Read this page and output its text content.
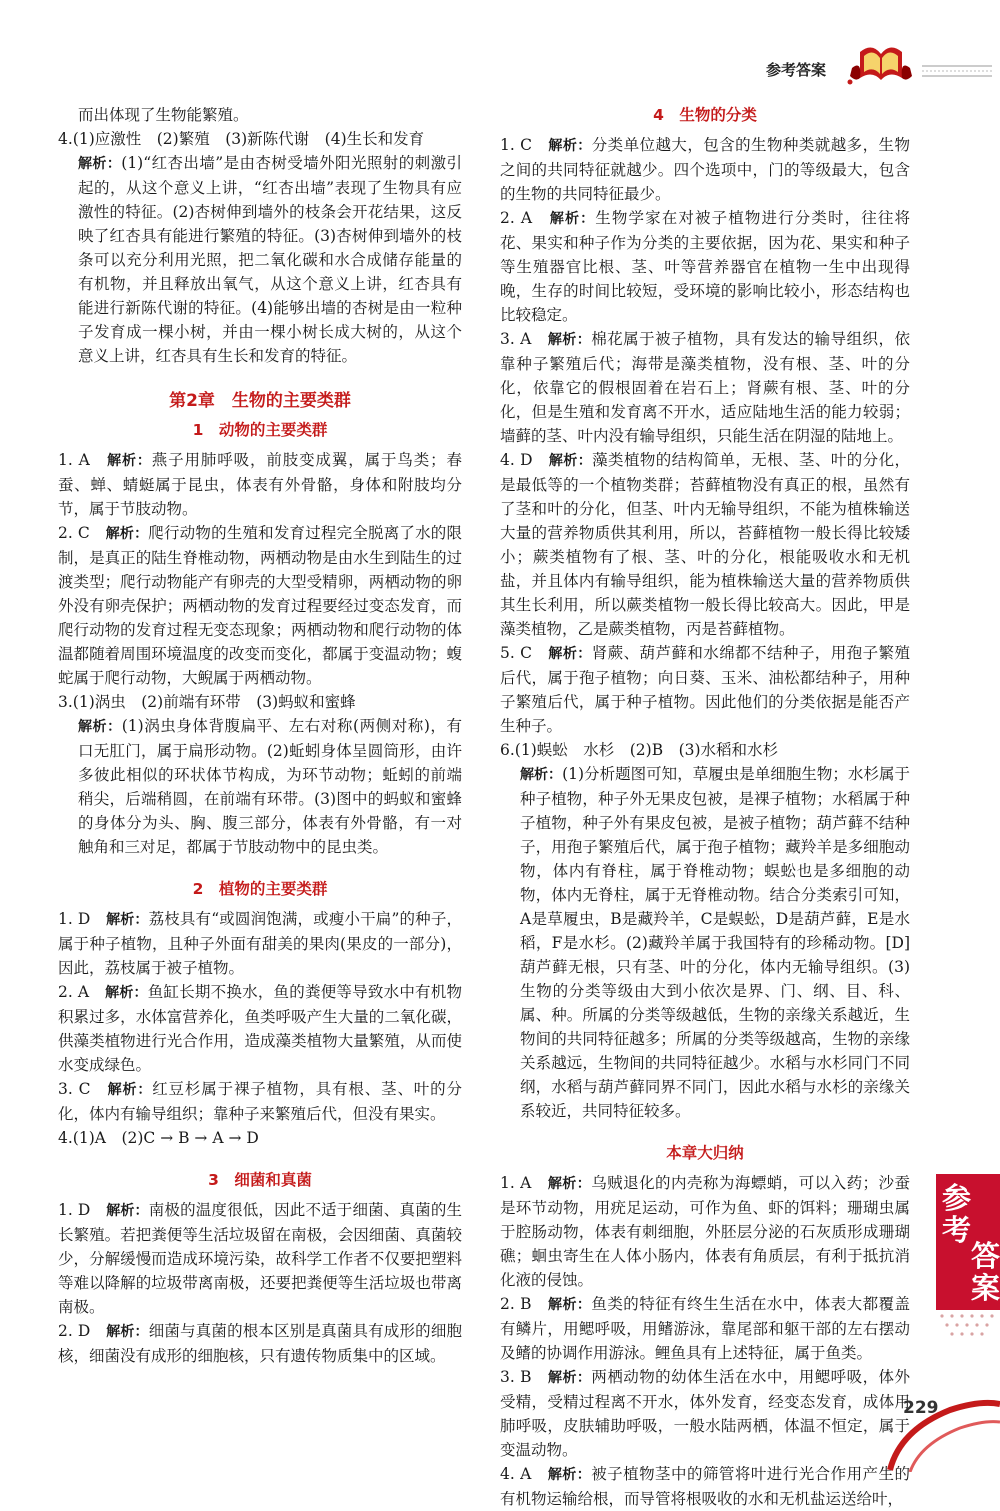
参考答案

而出体现了生物能繁殖。

4.(1)应激性　(2)繁殖　(3)新陈代谢　(4)生长和发育

解析：(1)“红杏出墙”是由杏树受墙外阳光照射的刺激引起的，从这个意义上讲，“红杏出墙”表现了生物具有应激性的特征。(2)杏树伸到墙外的枝条会开花结果，这反映了红杏具有能进行繁殖的特征。(3)杏树伸到墙外的枝条可以充分利用光照，把二氧化碳和水合成储存能量的有机物，并且释放出氧气，从这个意义上讲，红杏具有能进行新陈代谢的特征。(4)能够出墙的杏树是由一粒种子发育成一棵小树，并由一棵小树长成大树的，从这个意义上讲，红杏具有生长和发育的特征。

第2章　生物的主要类群
1　动物的主要类群

1. A　 解析：燕子用肺呼吸，前肢变成翼，属于鸟类；春蚕、蝉、蜻蜓属于昆虫，体表有外骨骼，身体和附肢均分节，属于节肢动物。

2. C　 解析：爬行动物的生殖和发育过程完全脱离了水的限制，是真正的陆生脊椎动物，两栖动物是由水生到陆生的过渡类型；爬行动物能产有卵壳的大型受精卵，两栖动物的卵外没有卵壳保护；两栖动物的发育过程要经过变态发育，而爬行动物的发育过程无变态现象；两栖动物和爬行动物的体温都随着周围环境温度的改变而变化，都属于变温动物；蝮蛇属于爬行动物，大鲵属于两栖动物。

3.(1)涡虫　(2)前端有环带　(3)蚂蚁和蜜蜂

解析：(1)涡虫身体背腹扁平、左右对称(两侧对称)，有口无肛门，属于扁形动物。(2)蚯蚓身体呈圆筒形，由许多彼此相似的环状体节构成，为环节动物；蚯蚓的前端稍尖，后端稍圆，在前端有环带。(3)图中的蚂蚁和蜜蜂的身体分为头、胸、腹三部分，体表有外骨骼，有一对触角和三对足，都属于节肢动物中的昆虫类。

2　植物的主要类群

1. D　 解析：荔枝具有“或圆润饱满，或瘦小干扁”的种子，属于种子植物，且种子外面有甜美的果肉(果皮的一部分)，因此，荔枝属于被子植物。

2. A　 解析：鱼缸长期不换水，鱼的粪便等导致水中有机物积累过多，水体富营养化，鱼类呼吸产生大量的二氧化碳，供藻类植物进行光合作用，造成藻类植物大量繁殖，从而使水变成绿色。

3. C　 解析：红豆杉属于裸子植物，具有根、茎、叶的分化，体内有输导组织；靠种子来繁殖后代，但没有果实。

4.(1)A　(2)C → B → A → D

3　细菌和真菌

1. D　 解析：南极的温度很低，因此不适于细菌、真菌的生长繁殖。若把粪便等生活垃圾留在南极，会因细菌、真菌较少，分解缓慢而造成环境污染，故科学工作者不仅要把塑料等难以降解的垃圾带离南极，还要把粪便等生活垃圾也带离南极。

2. D　 解析：细菌与真菌的根本区别是真菌具有成形的细胞核，细菌没有成形的细胞核，只有遗传物质集中的区域。

4　生物的分类

1. C　 解析：分类单位越大，包含的生物种类就越多，生物之间的共同特征就越少。四个选项中，门的等级最大，包含的生物的共同特征最少。

2. A　 解析：生物学家在对被子植物进行分类时，往往将花、果实和种子作为分类的主要依据，因为花、果实和种子等生殖器官比根、茎、叶等营养器官在植物一生中出现得晚，生存的时间比较短，受环境的影响比较小，形态结构也比较稳定。

3. A　 解析：棉花属于被子植物，具有发达的输导组织，依靠种子繁殖后代；海带是藻类植物，没有根、茎、叶的分化，依靠它的假根固着在岩石上；肾蕨有根、茎、叶的分化，但是生殖和发育离不开水，适应陆地生活的能力较弱；墙藓的茎、叶内没有输导组织，只能生活在阴湿的陆地上。

4. D　 解析：藻类植物的结构简单，无根、茎、叶的分化，是最低等的一个植物类群；苔藓植物没有真正的根，虽然有了茎和叶的分化，但茎、叶内无输导组织，不能为植株输送大量的营养物质供其利用，所以，苔藓植物一般长得比较矮小；蕨类植物有了根、茎、叶的分化，根能吸收水和无机盐，并且体内有输导组织，能为植株输送大量的营养物质供其生长利用，所以蕨类植物一般长得比较高大。因此，甲是藻类植物，乙是蕨类植物，丙是苔藓植物。

5. C　 解析：肾蕨、葫芦藓和水绵都不结种子，用孢子繁殖后代，属于孢子植物；向日葵、玉米、油松都结种子，用种子繁殖后代，属于种子植物。因此他们的分类依据是能否产生种子。

6.(1)蜈蚣　水杉　(2)B　(3)水稻和水杉

解析：(1)分析题图可知，草履虫是单细胞生物；水杉属于种子植物，种子外无果皮包被，是裸子植物；水稻属于种子植物，种子外有果皮包被，是被子植物；葫芦藓不结种子，用孢子繁殖后代，属于孢子植物；藏羚羊是多细胞动物，体内有脊柱，属于脊椎动物；蜈蚣也是多细胞的动物，体内无脊柱，属于无脊椎动物。结合分类索引可知，A是草履虫，B是藏羚羊，C是蜈蚣，D是葫芦藓，E是水稻，F是水杉。(2)藏羚羊属于我国特有的珍稀动物。[D]葫芦藓无根，只有茎、叶的分化，体内无输导组织。(3)生物的分类等级由大到小依次是界、门、纲、目、科、属、种。所属的分类等级越低，生物的亲缘关系越近，生物间的共同特征越多；所属的分类等级越高，生物的亲缘关系越远，生物间的共同特征越少。水稻与水杉同门不同纲，水稻与葫芦藓同界不同门，因此水稻与水杉的亲缘关系较近，共同特征较多。

本章大归纳

1. A　 解析：乌贼退化的内壳称为海螵蛸，可以入药；沙蚕是环节动物，用疣足运动，可作为鱼、虾的饵料；珊瑚虫属于腔肠动物，体表有刺细胞，外胚层分泌的石灰质形成珊瑚礁；蛔虫寄生在人体小肠内，体表有角质层，有利于抵抗消化液的侵蚀。

2. B　 解析：鱼类的特征有终生生活在水中，体表大都覆盖有鳞片，用鳃呼吸，用鳍游泳，靠尾部和躯干部的左右摆动及鳍的协调作用游泳。鲤鱼具有上述特征，属于鱼类。

3. B　 解析：两栖动物的幼体生活在水中，用鳃呼吸，体外受精，受精过程离不开水，体外发育，经变态发育，成体用肺呼吸，皮肤辅助呼吸，一般水陆两栖，体温不恒定，属于变温动物。

4. A　 解析：被子植物茎中的筛管将叶进行光合作用产生的有机物运输给根，而导管将根吸收的水和无机盐运送给叶，

参
考
答
案
229
